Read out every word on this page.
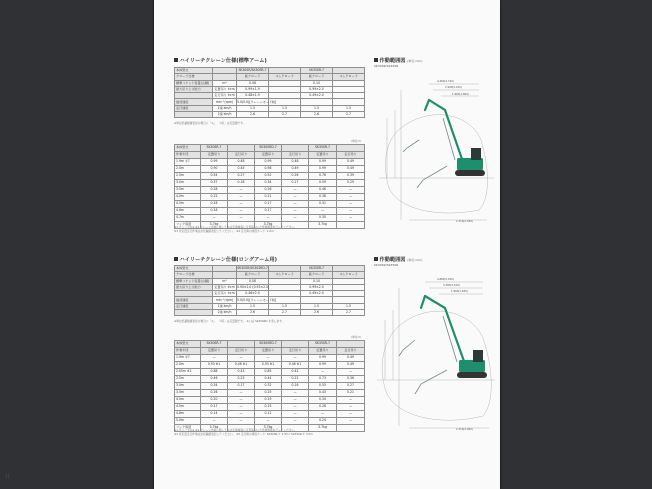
ハイリーチクレーン仕様(標準アーム)
本体型式		SK30SR/SK30SR-7		SK35SR-7	
クローラ仕様		鉄クローラ	ゴムクローラ	鉄クローラ	ゴムクローラ
標準バケット容量(山積)	m³	0.08		0.10	
最大吊り上げ能力	定置吊り t×m	0.99×1.9		0.99×2.0	
	走行吊り t×m	0.48×1.9		0.49×2.0	
旋回速度	min⁻¹(rpm)	5.0(5.0)[ウレーンモード時]			
走行速度	1速 km/h	1.5	1.5	1.5	1.5
	2速 km/h	2.6	2.7	2.6	2.7
※単位記載数値表記の場合に「1」。 「t吊」は定量値です。
(単位:t)
本体型式	SK30SR-7		SK30SRD-7		SK35SR-7	
作業半径	定置吊り	走行吊り	定置吊り	走行吊り	定置吊り	走行吊り
1.9m 半?	0.99	0.48	0.99	0.48	0.99	0.49
2.0m	0.90	0.45	0.98	0.49	0.99	0.49
2.5m	0.54	0.27	0.52	0.26	0.78	0.39
3.0m	0.37	0.18	0.34	0.17	0.59	0.29
3.5m	0.28	—	0.26	—	0.46	—
4.0m	0.22	—	0.21	—	0.38	—
4.5m	0.18	—	0.17	—	0.31	—
4.6m	0.18	—	0.17	—	—	—
4.7m	—	—	—	—	0.30	—
フック質量	3.7kg		3.7kg		3.7kg	
※1 サッバフの※ ※2 クレーン作業に際しては法定資格等に定量基づいた作業場等を行ってください。
※3 非定量走行作業法が記載値表記してください。 ※4 走行時の速度カーヤ: 1.0m
作動範囲図 (単位:mm)
SK30SR/SK35SR
4,460(4,740)
2,990(5,220)
1,960(1,860)
2,310(2,340)
ハイリーチクレーン仕様(ロングアーム用)
本体型式		SK30SR/SK30SRD-7		SK35SR-7	
クローラ仕様		鉄クローラ	ゴムクローラ	鉄クローラ	ゴムクローラ
標準バケット容量(山積)	m³	0.08		0.10	
最大吊り上げ能力	定置吊り t×m	0.90×2.0 (0.93×2.0)		0.99×2.0	
	走行吊り t×m	0.46×2.0		0.49×2.0	
旋回速度	min⁻¹(rpm)	5.0(5.0)[ウレーンモード時]			
走行速度	1速 km/h	1.5	1.5	1.5	1.5
	2速 km/h	2.6	2.7	2.6	2.7
※単位記載数値表記の場合に「1」。 「t吊」は定量値です。 ※( )は SK30SRD を表します。
(単位:t)
本体型式	SK30SR-7		SK30SRD-7		SK35SR-7	
作業半径	定置吊り	走行吊り	定置吊り	走行吊り	定置吊り	走行吊り
1.9m 半?	—	—	—	—	0.99	0.49
2.0m	0.93 ※1	0.46 ※1	0.93 ※1	0.46 ※1	0.99	0.49
2.05m ※2	0.88	0.43	0.85	0.42	—	—
2.5m	0.46	0.23	0.44	0.22	0.73	0.36
3.0m	0.34	0.17	0.32	0.16	0.55	0.27
3.5m	0.26	—	0.25	—	0.43	0.21
4.0m	0.20	—	0.19	—	0.34	—
4.5m	0.17	—	0.15	—	0.28	—
4.8m	0.14	—	0.12	—	—	—
5.0m	—	—	—	—	0.24	—
フック質量	3.7kg		3.7kg		3.7kg	
※1 サッバフの※ ※2 クレーン作業に際しては法定資格等に定量基づいた作業場等を行ってください。
※4 非定量走行作業法が記載値表記してください。 ※5 走行時の速度カーヤ: SK30SR-7: 3.9m / SK35SR-7: 3.5m
作動範囲図 (単位:mm)
SK30SR/SK35SR
4,880(5,030)
3,380(3,520)
1,960(1,830)
2,310(2,360)
11
